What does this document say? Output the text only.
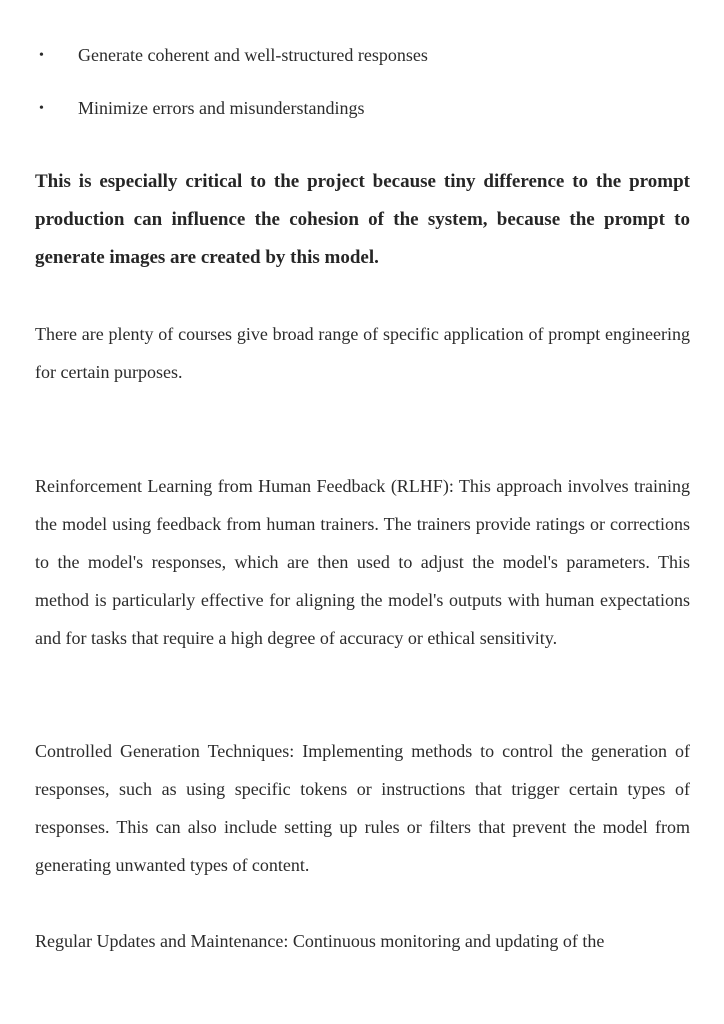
• Generate coherent and well-structured responses
• Minimize errors and misunderstandings

This is especially critical to the project because tiny difference to the prompt production can influence the cohesion of the system, because the prompt to generate images are created by this model.

There are plenty of courses give broad range of specific application of prompt engineering for certain purposes.

Reinforcement Learning from Human Feedback (RLHF): This approach involves training the model using feedback from human trainers. The trainers provide ratings or corrections to the model's responses, which are then used to adjust the model's parameters. This method is particularly effective for aligning the model's outputs with human expectations and for tasks that require a high degree of accuracy or ethical sensitivity.

Controlled Generation Techniques: Implementing methods to control the generation of responses, such as using specific tokens or instructions that trigger certain types of responses. This can also include setting up rules or filters that prevent the model from generating unwanted types of content.

Regular Updates and Maintenance: Continuous monitoring and updating of the
